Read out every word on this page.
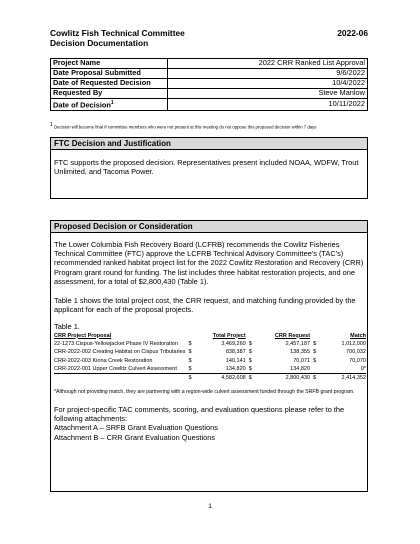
Cowlitz Fish Technical Committee
Decision Documentation
2022-06
Project Name	2022 CRR Ranked List Approval
Date Proposal Submitted	9/6/2022
Date of Requested Decision	10/4/2022
Requested By	Steve Manlow
Date of Decision$^1$	10/11/2022
$^1$ Decision will become final if committee members who were not present at this meeting do not oppose this proposed decision within 7 days
FTC Decision and Justification

FTC supports the proposed decision. Representatives present included NOAA, WDFW, Trout Unlimited, and Tacoma Power.

Proposed Decision or Consideration

The Lower Columbia Fish Recovery Board (LCFRB) recommends the Cowlitz Fisheries Technical Committee (FTC) approve the LCFRB Technical Advisory Committee's (TAC's) recommended ranked habitat project list for the 2022 Cowlitz Restoration and Recovery (CRR) Program grant round for funding. The list includes three habitat restoration projects, and one assessment, for a total of $2,800,430 (Table 1).

Table 1 shows the total project cost, the CRR request, and matching funding provided by the applicant for each of the proposal projects.

Table 1.

CRR Project Proposal	Total Project		CRR Request		Match	
22-1273 Cispus-Yellowjacket Phase IV Restoration	$	3,469,260	$	2,457,187	$	1,012,000
CRR-2022-002 Creating Habitat on Cispus Tributaries	$	838,387	$	138,355	$	700,032
CRR-2022-003 Kiona Creek Restoration	$	140,141	$	70,071	$	70,070
CRR-2022-001 Upper Cowlitz Culvert Assessment	$	134,820	$	134,820		0*
	$	4,582,608	$	2,800,430	$	2,414,352

*Although not providing match, they are partnering with a region-wide culvert assessment funded through the SRFB grant program.

For project-specific TAC comments, scoring, and evaluation questions please refer to the following attachments:

Attachment A – SRFB Grant Evaluation Questions

Attachment B – CRR Grant Evaluation Questions

1
